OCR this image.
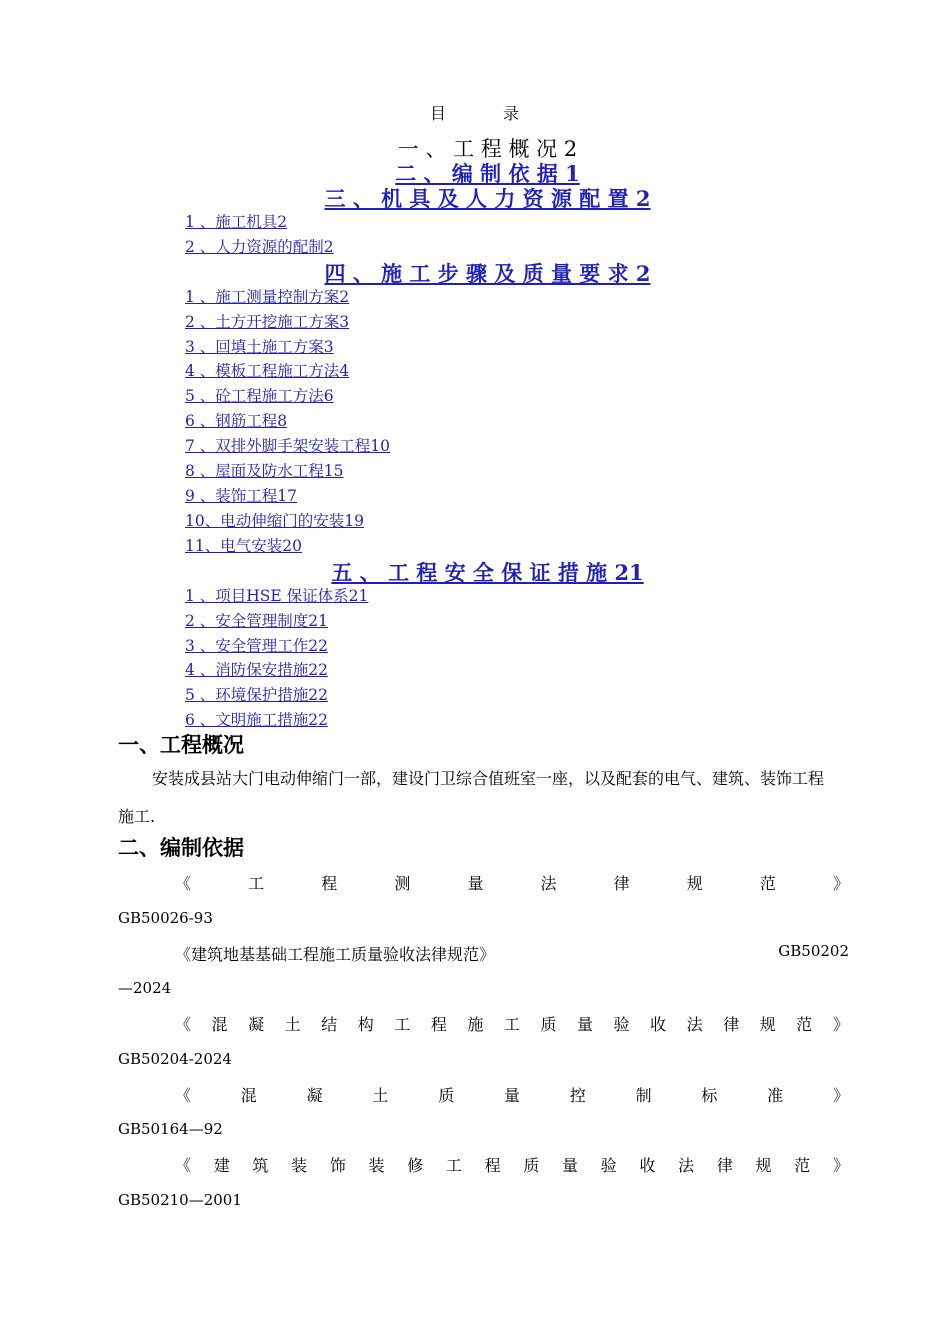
目 录
一 、 工 程 概 况 2
二 、 编 制 依 据 1
三 、 机 具 及 人 力 资 源 配 置 2
1 、施工机具2
2 、人力资源的配制2
四 、 施 工 步 骤 及 质 量 要 求 2
1 、施工测量控制方案2
2 、土方开挖施工方案3
3 、回填土施工方案3
4 、模板工程施工方法4
5 、砼工程施工方法6
6 、钢筋工程8
7 、双排外脚手架安装工程10
8 、屋面及防水工程15
9 、装饰工程17
10、电动伸缩门的安装19
11、电气安装20
五 、 工 程 安 全 保 证 措 施 21
1 、项目HSE 保证体系21
2 、安全管理制度21
3 、安全管理工作22
4 、消防保安措施22
5 、环境保护措施22
6 、文明施工措施22
一、工程概况
安装成县站大门电动伸缩门一部，建设门卫综合值班室一座，以及配套的电气、建筑、装饰工程
施工.
二、编制依据
《	工	程	测	量	法	律	规	范	》
GB50026-93
《建筑地基基础工程施工质量验收法律规范》	GB50202
—2024
《 混 凝 土 结 构 工 程 施 工 质 量 验 收 法 律 规 范 》
GB50204-2024
《	混	凝	土	质	量	控	制	标	准	》
GB50164—92
《 建 筑 装 饰 装 修 工 程 质 量 验 收 法 律 规 范 》
GB50210—2001
